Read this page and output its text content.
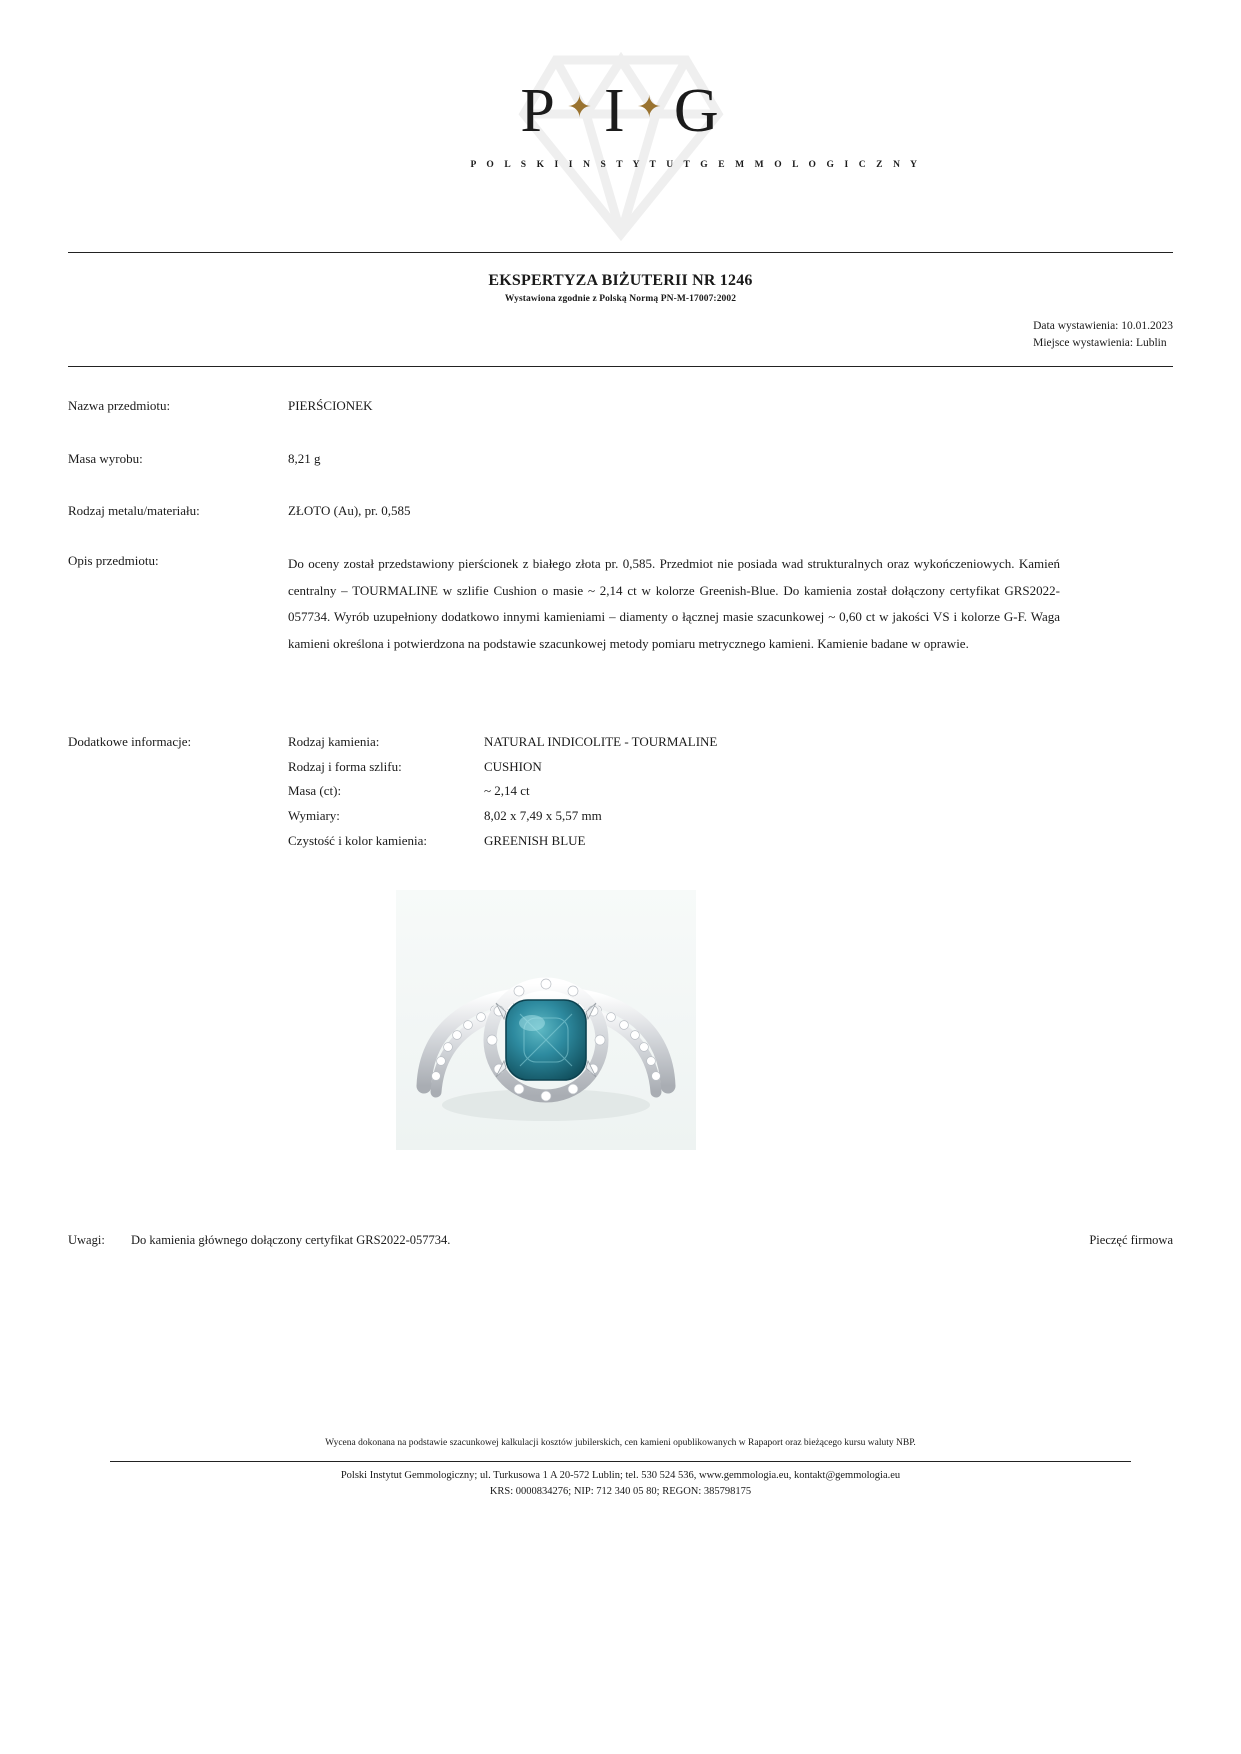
P ✦ I ✦ G
P O L S K I I N S T Y T U T G E M M O L O G I C Z N Y
EKSPERTYZA BIŻUTERII NR 1246
Wystawiona zgodnie z Polską Normą PN-M-17007:2002
Data wystawienia: 10.01.2023
Miejsce wystawienia: Lublin
Nazwa przedmiotu:	PIERŚCIONEK
Masa wyrobu:	8,21 g
Rodzaj metalu/materiału:	ZŁOTO (Au), pr. 0,585
Opis przedmiotu:	Do oceny został przedstawiony pierścionek z białego złota pr. 0,585. Przedmiot nie posiada wad strukturalnych oraz wykończeniowych. Kamień centralny – TOURMALINE w szlifie Cushion o masie ~ 2,14 ct w kolorze Greenish-Blue. Do kamienia został dołączony certyfikat GRS2022-057734. Wyrób uzupełniony dodatkowo innymi kamieniami – diamenty o łącznej masie szacunkowej ~ 0,60 ct w jakości VS i kolorze G-F. Waga kamieni określona i potwierdzona na podstawie szacunkowej metody pomiaru metrycznego kamieni. Kamienie badane w oprawie.
Dodatkowe informacje:	Rodzaj kamienia:	NATURAL INDICOLITE - TOURMALINE
Rodzaj i forma szlifu:	CUSHION
Masa (ct):	~ 2,14 ct
Wymiary:	8,02 x 7,49 x 5,57 mm
Czystość i kolor kamienia:	GREENISH BLUE
Uwagi: Do kamienia głównego dołączony certyfikat GRS2022-057734.	Pieczęć firmowa
Wycena dokonana na podstawie szacunkowej kalkulacji kosztów jubilerskich, cen kamieni opublikowanych w Rapaport oraz bieżącego kursu waluty NBP.
Polski Instytut Gemmologiczny; ul. Turkusowa 1 A 20-572 Lublin; tel. 530 524 536, www.gemmologia.eu, kontakt@gemmologia.eu
KRS: 0000834276; NIP: 712 340 05 80; REGON: 385798175
